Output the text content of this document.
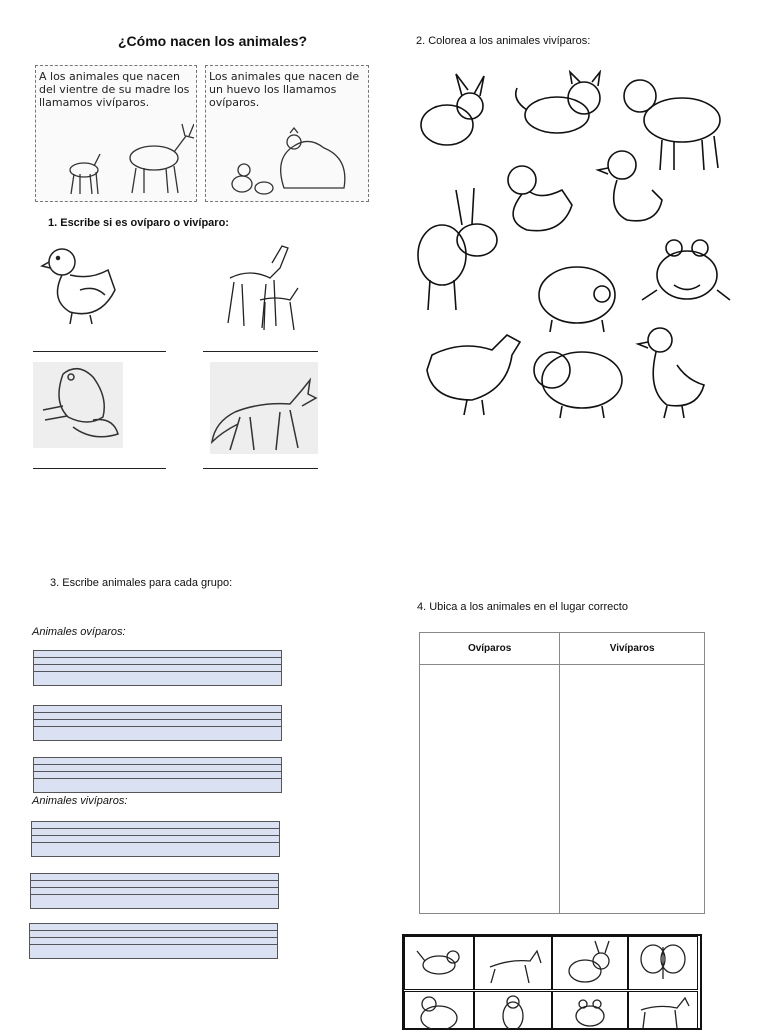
¿Cómo nacen los animales?
A los animales que nacen del vientre de su madre los llamamos vivíparos.
Los animales que nacen de un huevo los llamamos ovíparos.
1. Escribe si es ovíparo o vivíparo:
2. Colorea a los animales vivíparos:
3. Escribe animales para cada grupo:
Animales ovíparos:
Animales vivíparos:
4. Ubica a los animales en el lugar correcto
Ovíparos	Vivíparos
